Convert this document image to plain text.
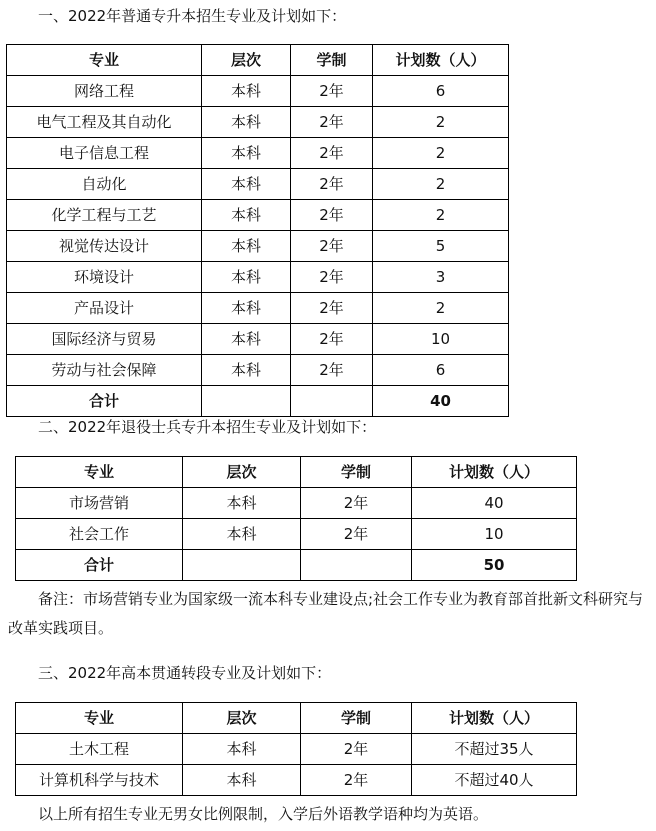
一、2022年普通专升本招生专业及计划如下：
专业	层次	学制	计划数（人）
网络工程	本科	2年	6
电气工程及其自动化	本科	2年	2
电子信息工程	本科	2年	2
自动化	本科	2年	2
化学工程与工艺	本科	2年	2
视觉传达设计	本科	2年	5
环境设计	本科	2年	3
产品设计	本科	2年	2
国际经济与贸易	本科	2年	10
劳动与社会保障	本科	2年	6
合计			40
二、2022年退役士兵专升本招生专业及计划如下：
专业	层次	学制	计划数（人）
市场营销	本科	2年	40
社会工作	本科	2年	10
合计			50
备注：市场营销专业为国家级一流本科专业建设点;社会工作专业为教育部首批新文科研究与改革实践项目。
三、2022年高本贯通转段专业及计划如下：
专业	层次	学制	计划数（人）
土木工程	本科	2年	不超过35人
计算机科学与技术	本科	2年	不超过40人
以上所有招生专业无男女比例限制，入学后外语教学语种均为英语。
